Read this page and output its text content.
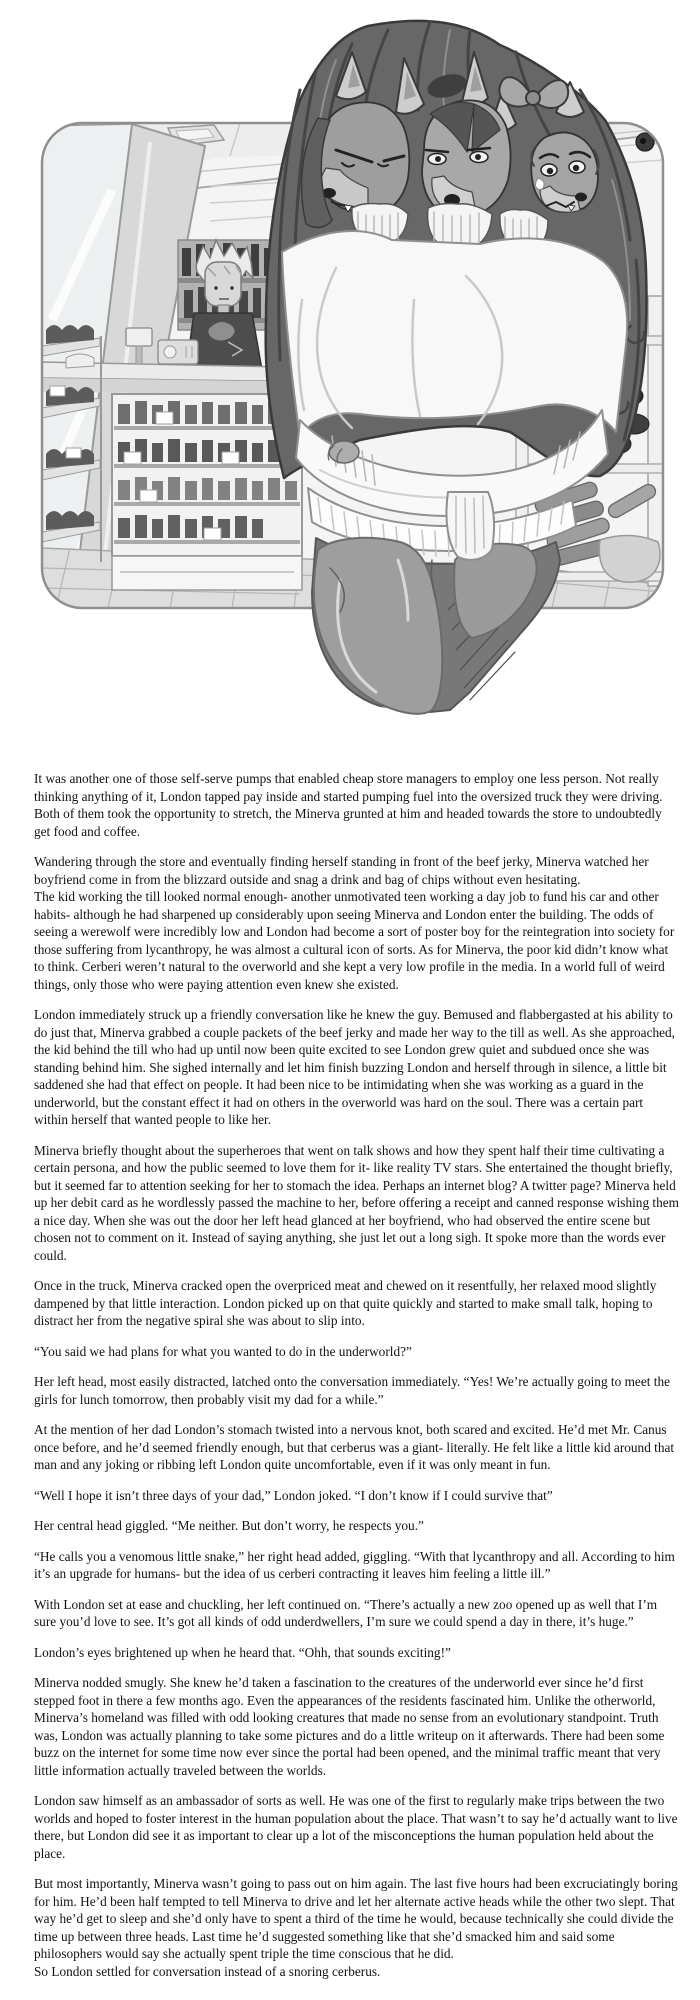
It was another one of those self-serve pumps that enabled cheap store managers to employ one less person. Not really thinking anything of it, London tapped pay inside and started pumping fuel into the oversized truck they were driving. Both of them took the opportunity to stretch, the Minerva grunted at him and headed towards the store to undoubtedly get food and coffee.

Wandering through the store and eventually finding herself standing in front of the beef jerky, Minerva watched her boyfriend come in from the blizzard outside and snag a drink and bag of chips without even hesitating.

The kid working the till looked normal enough- another unmotivated teen working a day job to fund his car and other habits- although he had sharpened up considerably upon seeing Minerva and London enter the building. The odds of seeing a werewolf were incredibly low and London had become a sort of poster boy for the reintegration into society for those suffering from lycanthropy, he was almost a cultural icon of sorts. As for Minerva, the poor kid didn’t know what to think. Cerberi weren’t natural to the overworld and she kept a very low profile in the media. In a world full of weird things, only those who were paying attention even knew she existed.

London immediately struck up a friendly conversation like he knew the guy. Bemused and flabbergasted at his ability to do just that, Minerva grabbed a couple packets of the beef jerky and made her way to the till as well. As she approached, the kid behind the till who had up until now been quite excited to see London grew quiet and subdued once she was standing behind him. She sighed internally and let him finish buzzing London and herself through in silence, a little bit saddened she had that effect on people. It had been nice to be intimidating when she was working as a guard in the underworld, but the constant effect it had on others in the overworld was hard on the soul. There was a certain part within herself that wanted people to like her.

Minerva briefly thought about the superheroes that went on talk shows and how they spent half their time cultivating a certain persona, and how the public seemed to love them for it- like reality TV stars. She entertained the thought briefly, but it seemed far to attention seeking for her to stomach the idea. Perhaps an internet blog? A twitter page? Minerva held up her debit card as he wordlessly passed the machine to her, before offering a receipt and canned response wishing them a nice day. When she was out the door her left head glanced at her boyfriend, who had observed the entire scene but chosen not to comment on it. Instead of saying anything, she just let out a long sigh. It spoke more than the words ever could.

Once in the truck, Minerva cracked open the overpriced meat and chewed on it resentfully, her relaxed mood slightly dampened by that little interaction. London picked up on that quite quickly and started to make small talk, hoping to distract her from the negative spiral she was about to slip into.

“You said we had plans for what you wanted to do in the underworld?”

Her left head, most easily distracted, latched onto the conversation immediately. “Yes! We’re actually going to meet the girls for lunch tomorrow, then probably visit my dad for a while.”

At the mention of her dad London’s stomach twisted into a nervous knot, both scared and excited. He’d met Mr. Canus once before, and he’d seemed friendly enough, but that cerberus was a giant- literally. He felt like a little kid around that man and any joking or ribbing left London quite uncomfortable, even if it was only meant in fun.

“Well I hope it isn’t three days of your dad,” London joked. “I don’t know if I could survive that”

Her central head giggled. “Me neither. But don’t worry, he respects you.”

“He calls you a venomous little snake,” her right head added, giggling. “With that lycanthropy and all. According to him it’s an upgrade for humans- but the idea of us cerberi contracting it leaves him feeling a little ill.”

With London set at ease and chuckling, her left continued on. “There’s actually a new zoo opened up as well that I’m sure you’d love to see. It’s got all kinds of odd underdwellers, I’m sure we could spend a day in there, it’s huge.”

London’s eyes brightened up when he heard that. “Ohh, that sounds exciting!”

Minerva nodded smugly. She knew he’d taken a fascination to the creatures of the underworld ever since he’d first stepped foot in there a few months ago. Even the appearances of the residents fascinated him. Unlike the otherworld, Minerva’s homeland was filled with odd looking creatures that made no sense from an evolutionary standpoint. Truth was, London was actually planning to take some pictures and do a little writeup on it afterwards. There had been some buzz on the internet for some time now ever since the portal had been opened, and the minimal traffic meant that very little information actually traveled between the worlds.

London saw himself as an ambassador of sorts as well. He was one of the first to regularly make trips between the two worlds and hoped to foster interest in the human population about the place. That wasn’t to say he’d actually want to live there, but London did see it as important to clear up a lot of the misconceptions the human population held about the place.

But most importantly, Minerva wasn’t going to pass out on him again. The last five hours had been excruciatingly boring for him. He’d been half tempted to tell Minerva to drive and let her alternate active heads while the other two slept. That way he’d get to sleep and she’d only have to spent a third of the time he would, because technically she could divide the time up between three heads. Last time he’d suggested something like that she’d smacked him and said some philosophers would say she actually spent triple the time conscious that he did.

So London settled for conversation instead of a snoring cerberus.
